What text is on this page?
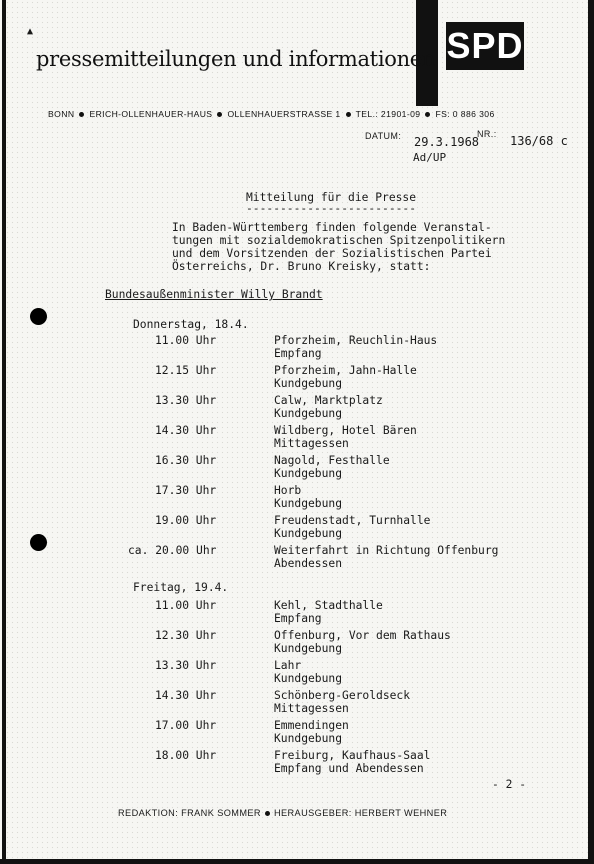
▲
pressemitteilungen und informationen SPD
BONN ERICH-OLLENHAUER-HAUS OLLENHAUERSTRASSE 1 TEL.: 21901-09 FS: 0 886 306
DATUM: 29.3.1968
NR.: 136/68 c
Ad/UP
Mitteilung für die Presse
-------------------------
In Baden-Württemberg finden folgende Veranstal-
tungen mit sozialdemokratischen Spitzenpolitikern
und dem Vorsitzenden der Sozialistischen Partei
Österreichs, Dr. Bruno Kreisky, statt:
Bundesaußenminister Willy Brandt
Donnerstag, 18.4.
11.00 Uhr	Pforzheim, Reuchlin-Haus
Empfang
12.15 Uhr	Pforzheim, Jahn-Halle
Kundgebung
13.30 Uhr	Calw, Marktplatz
Kundgebung
14.30 Uhr	Wildberg, Hotel Bären
Mittagessen
16.30 Uhr	Nagold, Festhalle
Kundgebung
17.30 Uhr	Horb
Kundgebung
19.00 Uhr	Freudenstadt, Turnhalle
Kundgebung
ca. 20.00 Uhr	Weiterfahrt in Richtung Offenburg
Abendessen
Freitag, 19.4.
11.00 Uhr	Kehl, Stadthalle
Empfang
12.30 Uhr	Offenburg, Vor dem Rathaus
Kundgebung
13.30 Uhr	Lahr
Kundgebung
14.30 Uhr	Schönberg-Geroldseck
Mittagessen
17.00 Uhr	Emmendingen
Kundgebung
18.00 Uhr	Freiburg, Kaufhaus-Saal
Empfang und Abendessen
- 2 -
REDAKTION: FRANK SOMMER HERAUSGEBER: HERBERT WEHNER
